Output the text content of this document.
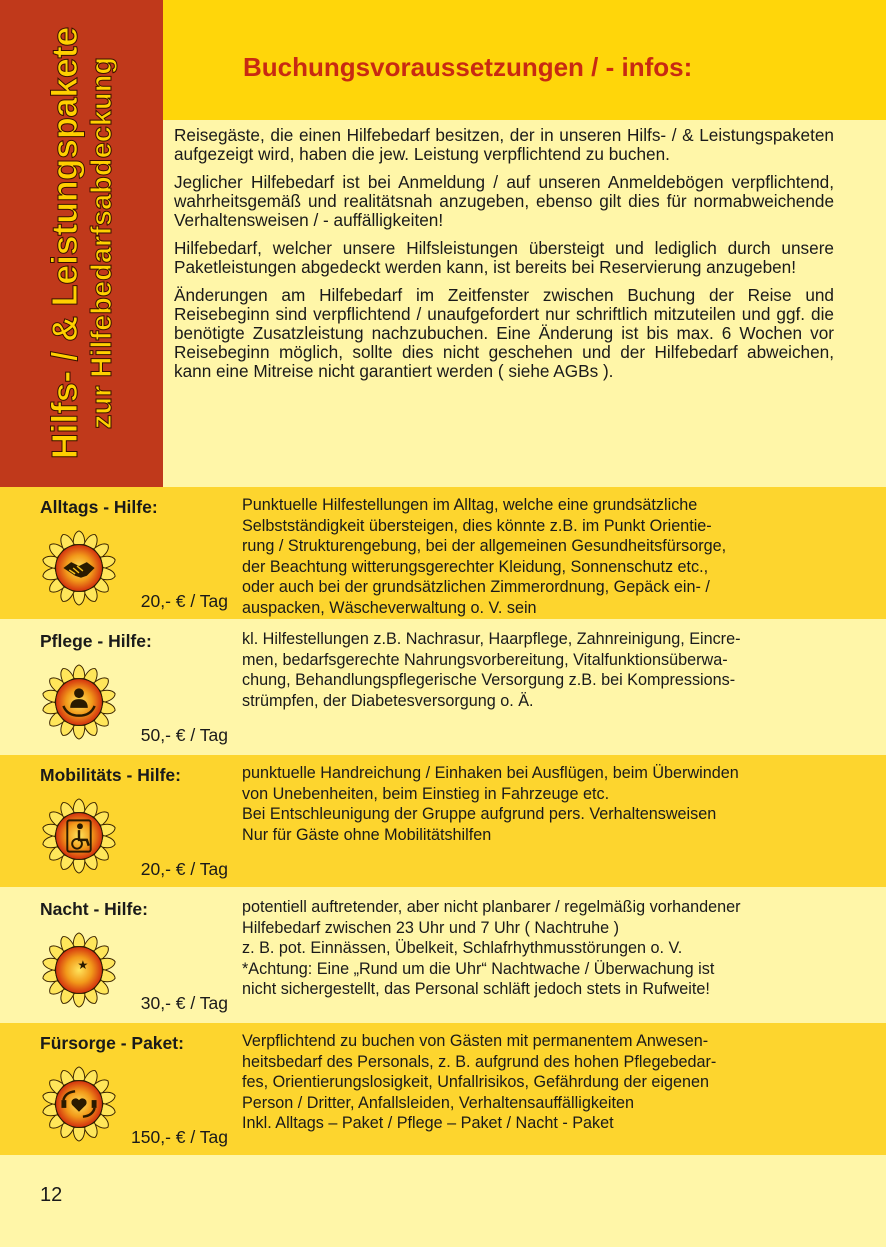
Hilfs- / & Leistungspakete zur Hilfebedarfsabdeckung	Buchungsvoraussetzungen / - infos:

Reisegäste, die einen Hilfebedarf besitzen, der in unseren Hilfs- / & Leistungspaketen aufgezeigt wird, haben die jew. Leistung verpflichtend zu buchen.

Jeglicher Hilfebedarf ist bei Anmeldung / auf unseren Anmeldebögen verpflichtend, wahrheitsgemäß und realitätsnah anzugeben, ebenso gilt dies für normabweichende Verhaltensweisen / - auffälligkeiten!

Hilfebedarf, welcher unsere Hilfsleistungen übersteigt und lediglich durch unsere Paketleistungen abgedeckt werden kann, ist bereits bei Reservierung anzugeben!

Änderungen am Hilfebedarf im Zeitfenster zwischen Buchung der Reise und Reisebeginn sind verpflichtend / unaufgefordert nur schriftlich mitzuteilen und ggf. die benötigte Zusatzleistung nachzubuchen. Eine Änderung ist bis max. 6 Wochen vor Reisebeginn möglich, sollte dies nicht geschehen und der Hilfebedarf abweichen, kann eine Mitreise nicht garantiert werden ( siehe AGBs ).

Alltags - Hilfe:
20,- € / Tag
Punktuelle Hilfestellungen im Alltag, welche eine grundsätzliche
Selbstständigkeit übersteigen, dies könnte z.B. im Punkt Orientie-
rung / Strukturengebung, bei der allgemeinen Gesundheitsfürsorge,
der Beachtung witterungsgerechter Kleidung, Sonnenschutz etc.,
oder auch bei der grundsätzlichen Zimmerordnung, Gepäck ein- /
auspacken, Wäscheverwaltung o. V. sein
Pflege - Hilfe:
50,- € / Tag
kl. Hilfestellungen z.B. Nachrasur, Haarpflege, Zahnreinigung, Eincre-
men, bedarfsgerechte Nahrungsvorbereitung, Vitalfunktionsüberwa-
chung, Behandlungspflegerische Versorgung z.B. bei Kompressions-
strümpfen, der Diabetesversorgung o. Ä.
Mobilitäts - Hilfe:
20,- € / Tag
punktuelle Handreichung / Einhaken bei Ausflügen, beim Überwinden
von Unebenheiten, beim Einstieg in Fahrzeuge etc.
Bei Entschleunigung der Gruppe aufgrund pers. Verhaltensweisen
Nur für Gäste ohne Mobilitätshilfen
Nacht - Hilfe:
30,- € / Tag
potentiell auftretender, aber nicht planbarer / regelmäßig vorhandener
Hilfebedarf zwischen 23 Uhr und 7 Uhr ( Nachtruhe )
z. B. pot. Einnässen, Übelkeit, Schlafrhythmusstörungen o. V.
*Achtung: Eine „Rund um die Uhr“ Nachtwache / Überwachung ist
nicht sichergestellt, das Personal schläft jedoch stets in Rufweite!
Fürsorge - Paket:
150,- € / Tag
Verpflichtend zu buchen von Gästen mit permanentem Anwesen-
heitsbedarf des Personals, z. B. aufgrund des hohen Pflegebedar-
fes, Orientierungslosigkeit, Unfallrisikos, Gefährdung der eigenen
Person / Dritter, Anfallsleiden, Verhaltensauffälligkeiten
Inkl. Alltags – Paket / Pflege – Paket / Nacht - Paket
12
